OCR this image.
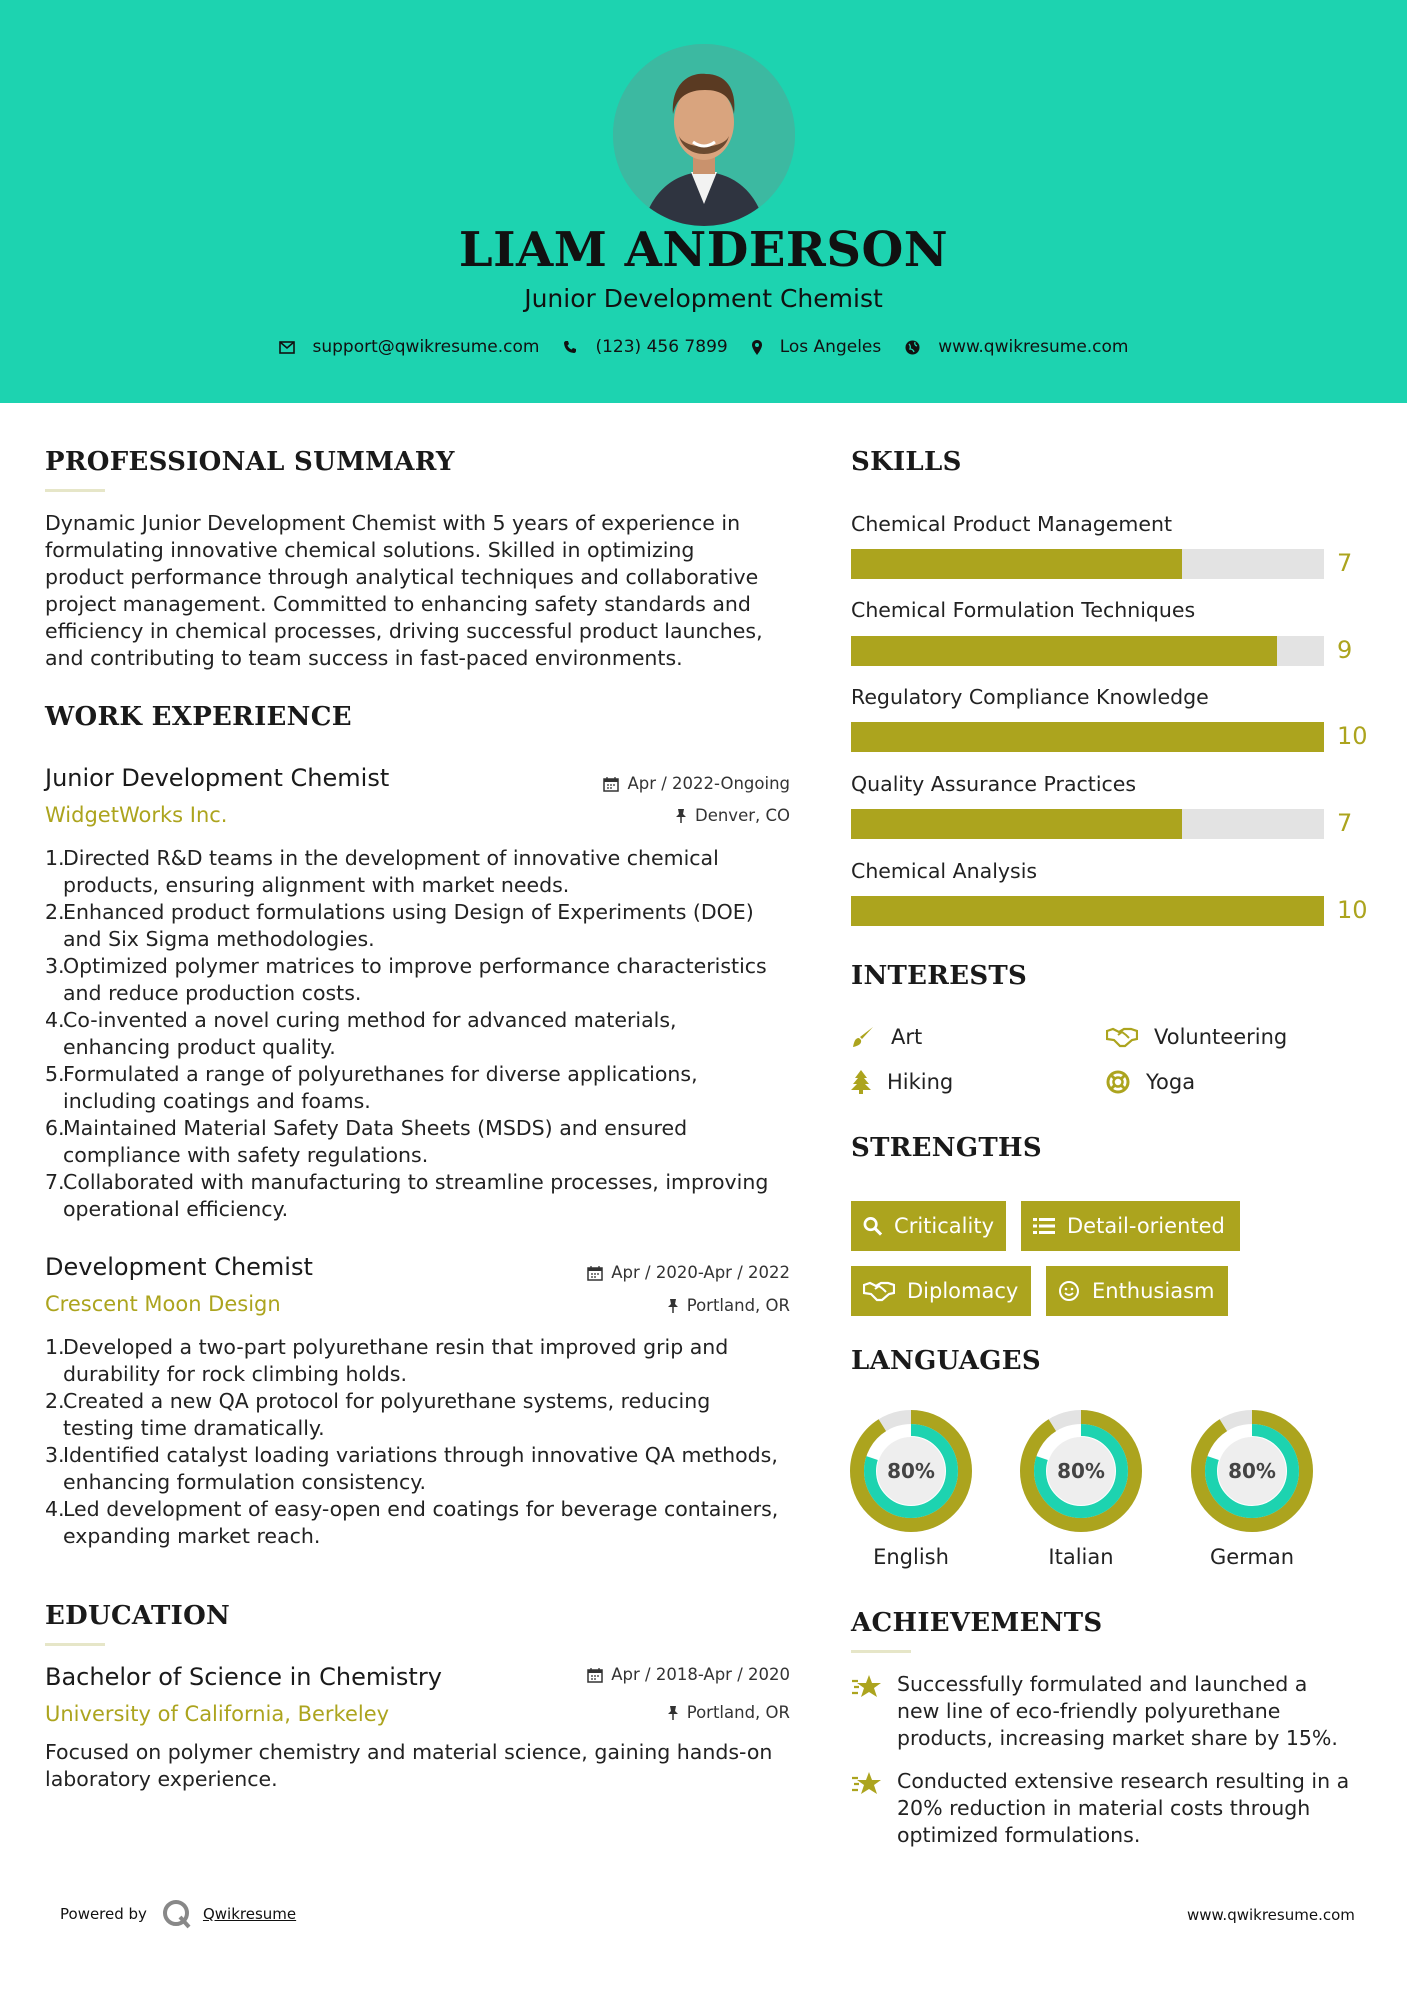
LIAM ANDERSON
Junior Development Chemist
support@qwikresume.com	(123) 456 7899	Los Angeles	www.qwikresume.com
PROFESSIONAL SUMMARY
Dynamic Junior Development Chemist with 5 years of experience in
formulating innovative chemical solutions. Skilled in optimizing
product performance through analytical techniques and collaborative
project management. Committed to enhancing safety standards and
efficiency in chemical processes, driving successful product launches,
and contributing to team success in fast-paced environments.
WORK EXPERIENCE
Junior Development Chemist
WidgetWorks Inc.
Apr / 2022-Ongoing
Denver, CO
1.
Directed R&D teams in the development of innovative chemical
products, ensuring alignment with market needs.
2.
Enhanced product formulations using Design of Experiments (DOE)
and Six Sigma methodologies.
3.
Optimized polymer matrices to improve performance characteristics
and reduce production costs.
4.
Co-invented a novel curing method for advanced materials,
enhancing product quality.
5.
Formulated a range of polyurethanes for diverse applications,
including coatings and foams.
6.
Maintained Material Safety Data Sheets (MSDS) and ensured
compliance with safety regulations.
7.
Collaborated with manufacturing to streamline processes, improving
operational efficiency.
Development Chemist
Crescent Moon Design
Apr / 2020-Apr / 2022
Portland, OR
1.
Developed a two-part polyurethane resin that improved grip and
durability for rock climbing holds.
2.
Created a new QA protocol for polyurethane systems, reducing
testing time dramatically.
3.
Identified catalyst loading variations through innovative QA methods,
enhancing formulation consistency.
4.
Led development of easy-open end coatings for beverage containers,
expanding market reach.
EDUCATION
Bachelor of Science in Chemistry
University of California, Berkeley
Apr / 2018-Apr / 2020
Portland, OR
Focused on polymer chemistry and material science, gaining hands-on
laboratory experience.
SKILLS
Chemical Product Management
7
Chemical Formulation Techniques
9
Regulatory Compliance Knowledge
10
Quality Assurance Practices
7
Chemical Analysis
10
INTERESTS
Art	Volunteering
Hiking	Yoga
STRENGTHS
Criticality	Detail-oriented
Diplomacy	Enthusiasm
LANGUAGES
80%
English
80%
Italian
80%
German
ACHIEVEMENTS
Successfully formulated and launched a
new line of eco-friendly polyurethane
products, increasing market share by 15%.
Conducted extensive research resulting in a
20% reduction in material costs through
optimized formulations.
Powered by	Qwikresume	www.qwikresume.com
